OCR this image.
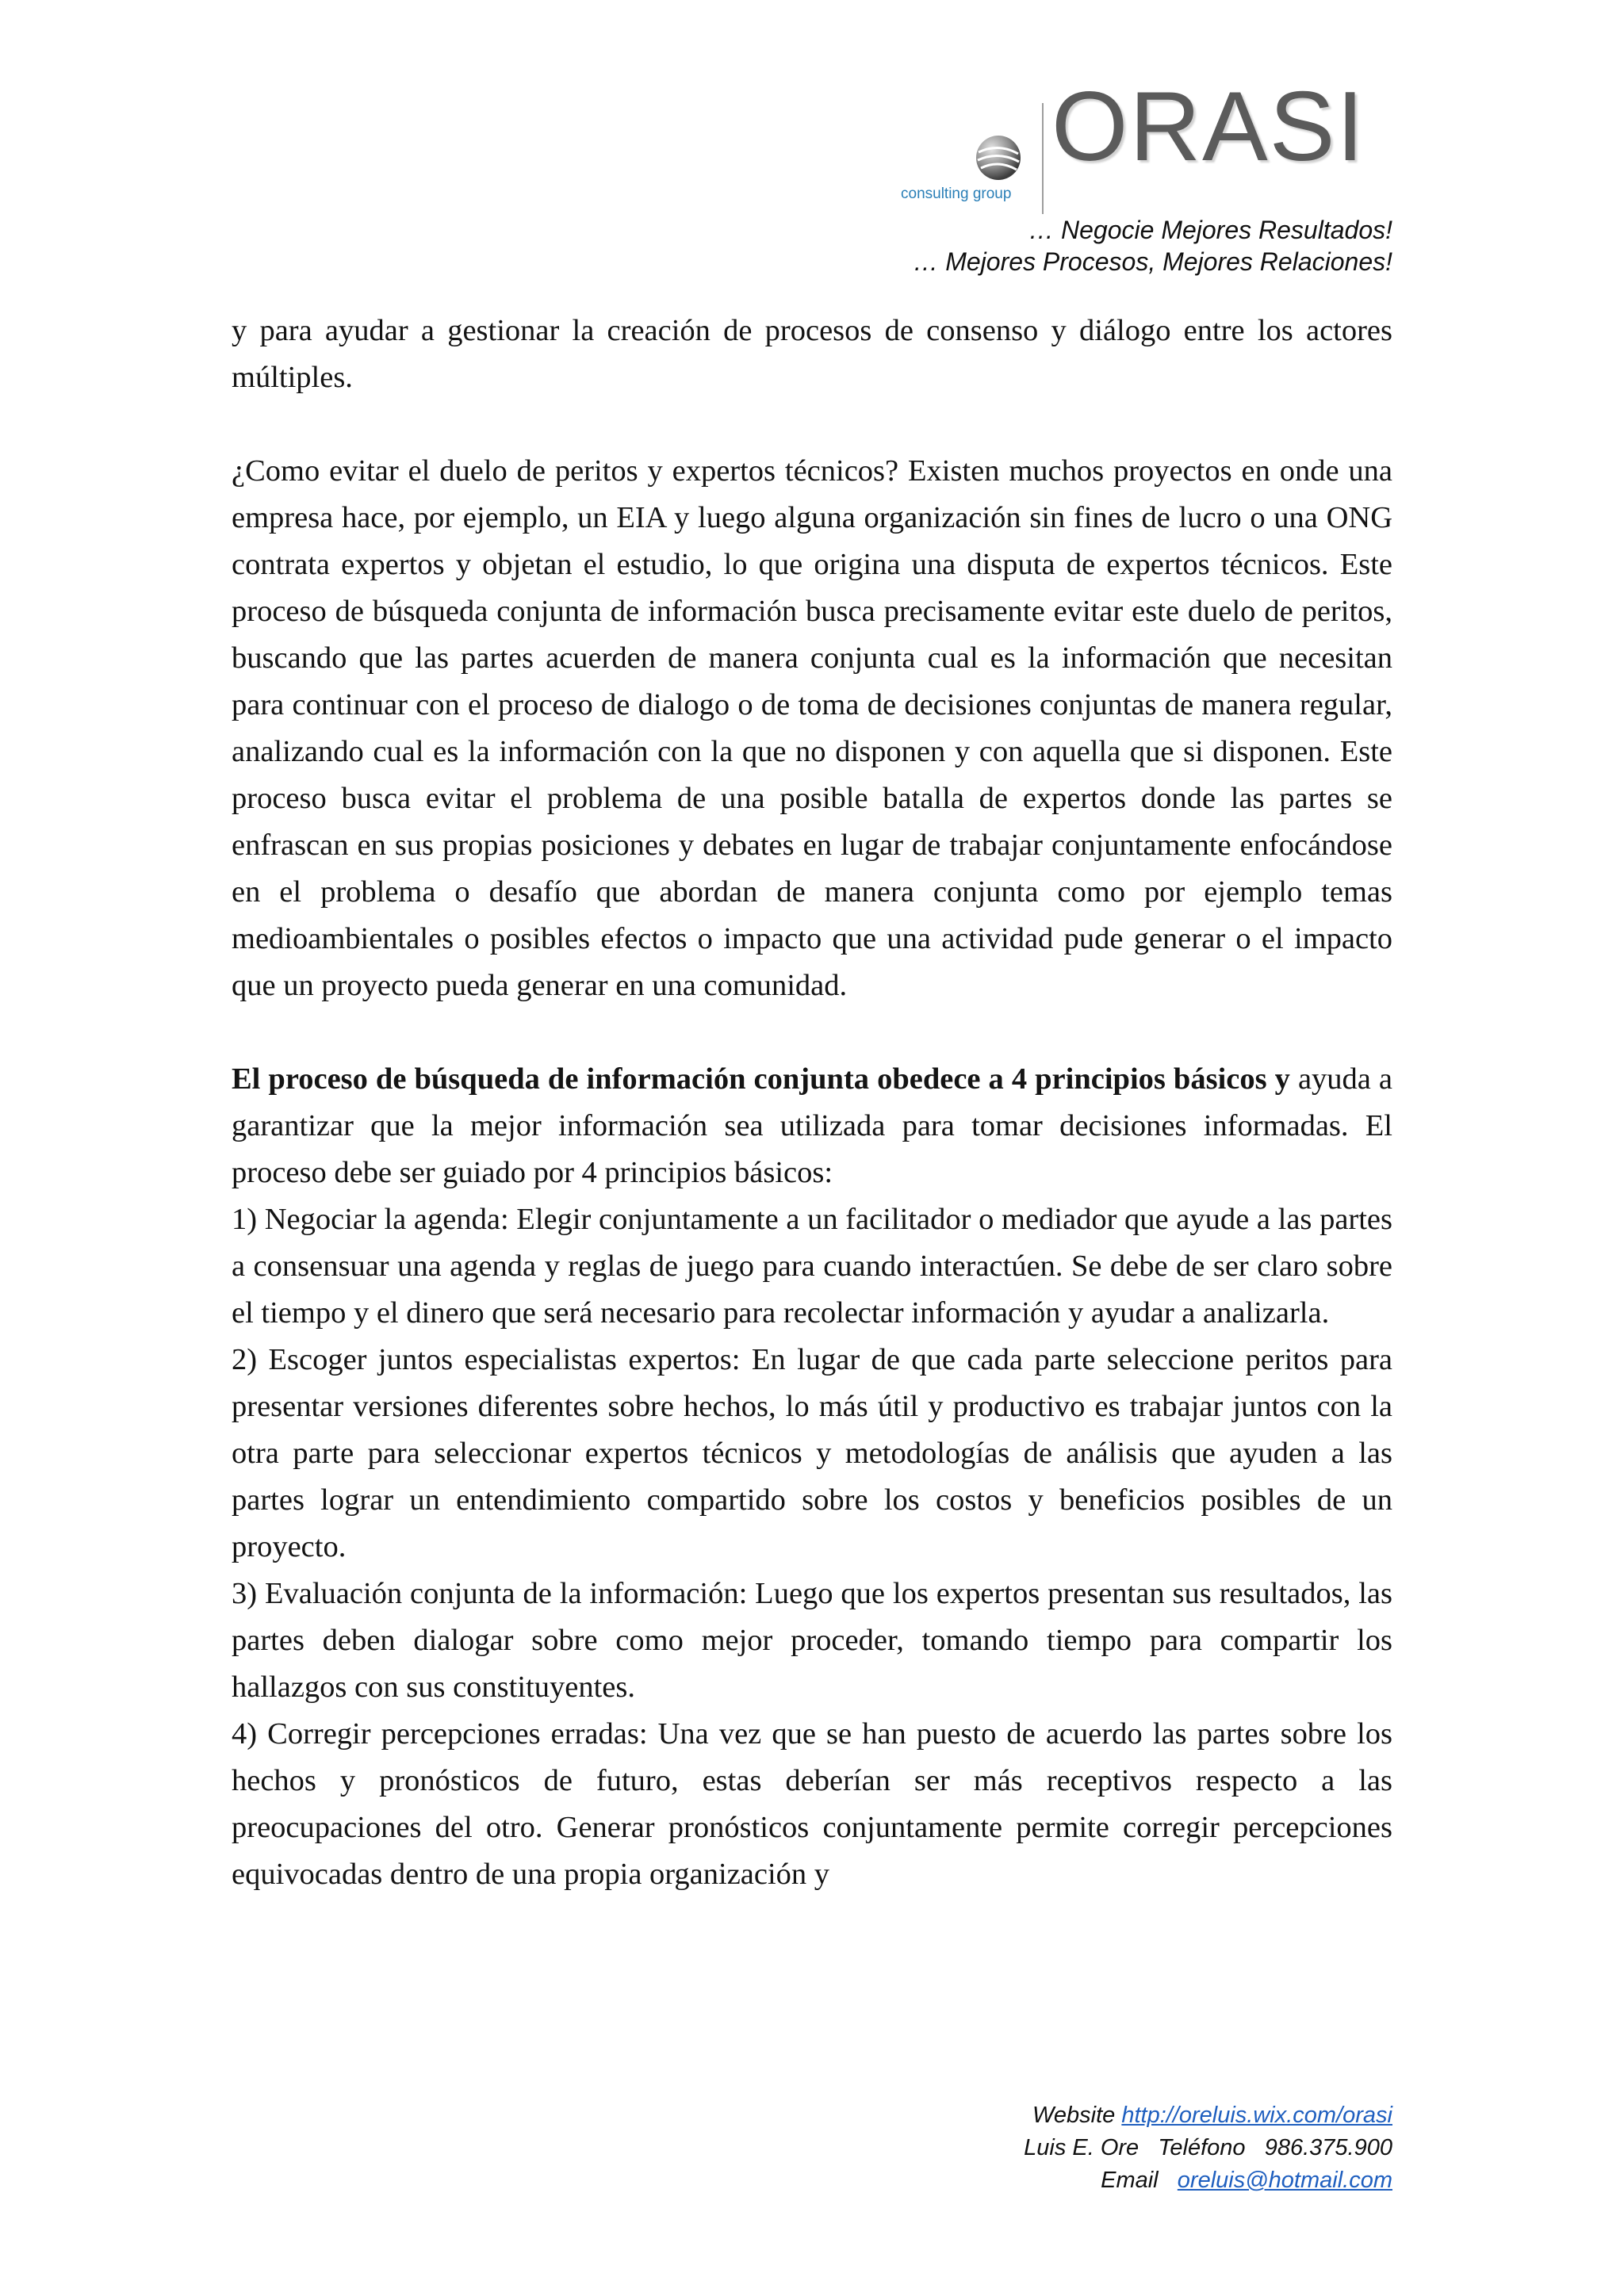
ORASI
consulting group
… Negocie Mejores Resultados!
… Mejores Procesos, Mejores Relaciones!

y para ayudar a gestionar la creación de procesos de consenso y diálogo entre los actores múltiples.

¿Como evitar el duelo de peritos y expertos técnicos? Existen muchos proyectos en onde una empresa hace, por ejemplo, un EIA y luego alguna organización sin fines de lucro o una ONG contrata expertos y objetan el estudio, lo que origina una disputa de expertos técnicos. Este proceso de búsqueda conjunta de información busca precisamente evitar este duelo de peritos, buscando que las partes acuerden de manera conjunta cual es la información que necesitan para continuar con el proceso de dialogo o de toma de decisiones conjuntas de manera regular, analizando cual es la información con la que no disponen y con aquella que si disponen. Este proceso busca evitar el problema de una posible batalla de expertos donde las partes se enfrascan en sus propias posiciones y debates en lugar de trabajar conjuntamente enfocándose en el problema o desafío que abordan de manera conjunta como por ejemplo temas medioambientales o posibles efectos o impacto que una actividad pude generar o el impacto que un proyecto pueda generar en una comunidad.

El proceso de búsqueda de información conjunta obedece a 4 principios básicos y ayuda a garantizar que la mejor información sea utilizada para tomar decisiones informadas. El proceso debe ser guiado por 4 principios básicos:

1) Negociar la agenda: Elegir conjuntamente a un facilitador o mediador que ayude a las partes a consensuar una agenda y reglas de juego para cuando interactúen. Se debe de ser claro sobre el tiempo y el dinero que será necesario para recolectar información y ayudar a analizarla.

2) Escoger juntos especialistas expertos: En lugar de que cada parte seleccione peritos para presentar versiones diferentes sobre hechos, lo más útil y productivo es trabajar juntos con la otra parte para seleccionar expertos técnicos y metodologías de análisis que ayuden a las partes lograr un entendimiento compartido sobre los costos y beneficios posibles de un proyecto.

3) Evaluación conjunta de la información: Luego que los expertos presentan sus resultados, las partes deben dialogar sobre como mejor proceder, tomando tiempo para compartir los hallazgos con sus constituyentes.

4) Corregir percepciones erradas: Una vez que se han puesto de acuerdo las partes sobre los hechos y pronósticos de futuro, estas deberían ser más receptivos respecto a las preocupaciones del otro. Generar pronósticos conjuntamente permite corregir percepciones equivocadas dentro de una propia organización y

Website http://oreluis.wix.com/orasi
Luis E. Ore   Teléfono   986.375.900
Email   oreluis@hotmail.com
